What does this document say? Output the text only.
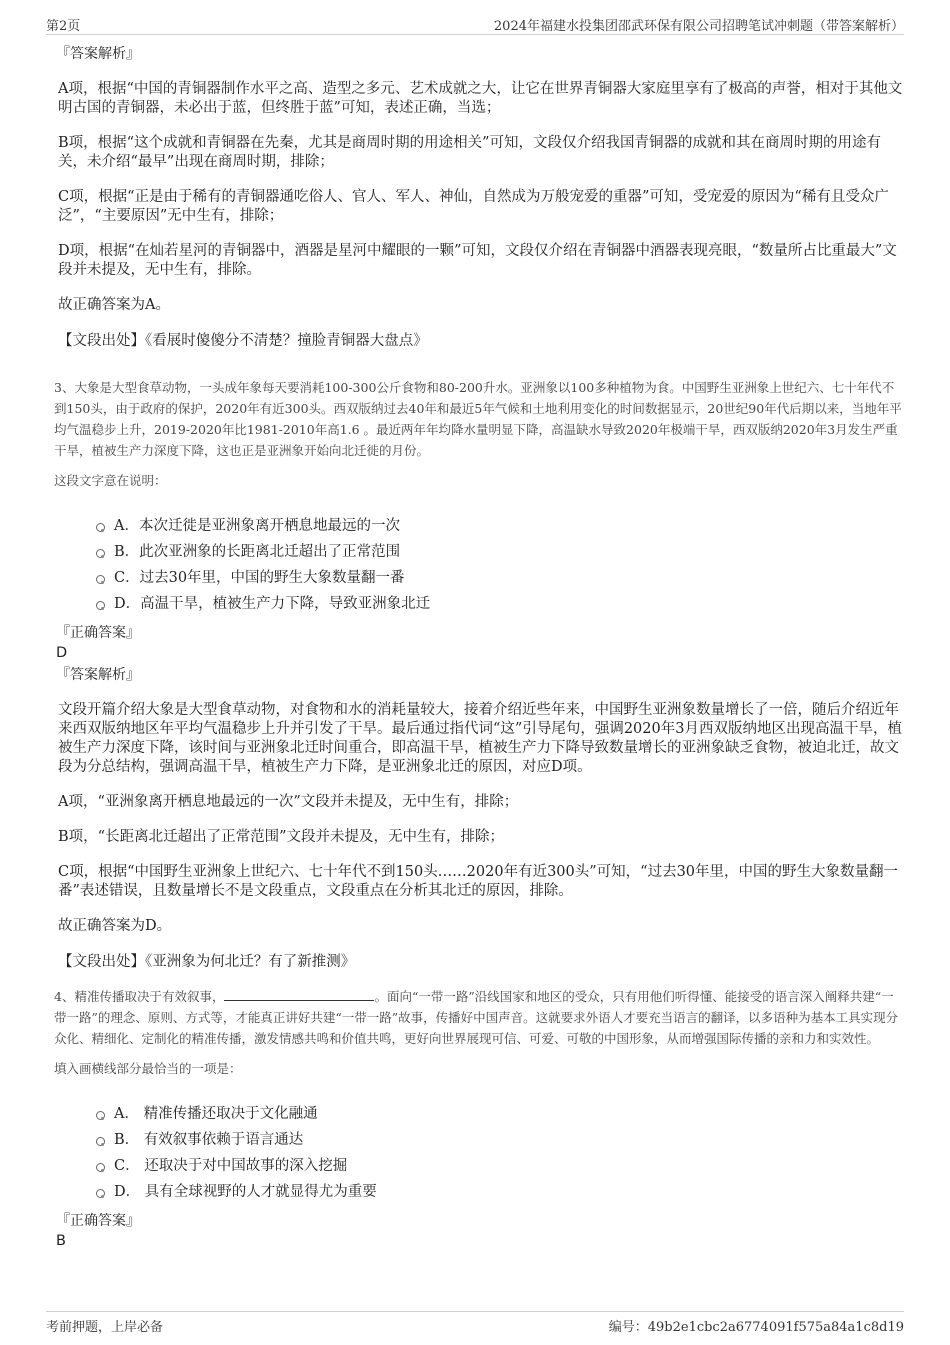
第2页	2024年福建水投集团邵武环保有限公司招聘笔试冲刺题（带答案解析）

『答案解析』

A项，根据“中国的青铜器制作水平之高、造型之多元、艺术成就之大，让它在世界青铜器大家庭里享有了极高的声誉，相对于其他文明古国的青铜器，未必出于蓝，但终胜于蓝”可知，表述正确，当选；

B项，根据“这个成就和青铜器在先秦，尤其是商周时期的用途相关”可知，文段仅介绍我国青铜器的成就和其在商周时期的用途有关，未介绍“最早”出现在商周时期，排除；

C项，根据“正是由于稀有的青铜器通吃俗人、官人、军人、神仙，自然成为万般宠爱的重器”可知，受宠爱的原因为“稀有且受众广泛”，“主要原因”无中生有，排除；

D项，根据“在灿若星河的青铜器中，酒器是星河中耀眼的一颗”可知，文段仅介绍在青铜器中酒器表现亮眼，“数量所占比重最大”文段并未提及，无中生有，排除。

故正确答案为A。

【文段出处】《看展时傻傻分不清楚？撞脸青铜器大盘点》

3、大象是大型食草动物，一头成年象每天要消耗100-300公斤食物和80-200升水。亚洲象以100多种植物为食。中国野生亚洲象上世纪六、七十年代不到150头，由于政府的保护，2020年有近300头。西双版纳过去40年和最近5年气候和土地利用变化的时间数据显示，20世纪90年代后期以来，当地年平均气温稳步上升，2019-2020年比1981-2010年高1.6 。最近两年年均降水量明显下降，高温缺水导致2020年极端干旱，西双版纳2020年3月发生严重干旱，植被生产力深度下降，这也正是亚洲象开始向北迁徙的月份。

这段文字意在说明：

A．本次迁徙是亚洲象离开栖息地最远的一次
B．此次亚洲象的长距离北迁超出了正常范围
C．过去30年里，中国的野生大象数量翻一番
D．高温干旱，植被生产力下降，导致亚洲象北迁

『正确答案』

D

『答案解析』

文段开篇介绍大象是大型食草动物，对食物和水的消耗量较大，接着介绍近些年来，中国野生亚洲象数量增长了一倍，随后介绍近年来西双版纳地区年平均气温稳步上升并引发了干旱。最后通过指代词“这”引导尾句，强调2020年3月西双版纳地区出现高温干旱，植被生产力深度下降，该时间与亚洲象北迁时间重合，即高温干旱，植被生产力下降导致数量增长的亚洲象缺乏食物，被迫北迁，故文段为分总结构，强调高温干旱，植被生产力下降，是亚洲象北迁的原因，对应D项。

A项，“亚洲象离开栖息地最远的一次”文段并未提及，无中生有，排除；

B项，“长距离北迁超出了正常范围”文段并未提及，无中生有，排除；

C项，根据“中国野生亚洲象上世纪六、七十年代不到150头……2020年有近300头”可知，“过去30年里，中国的野生大象数量翻一番”表述错误，且数量增长不是文段重点，文段重点在分析其北迁的原因，排除。

故正确答案为D。

【文段出处】《亚洲象为何北迁？有了新推测》

4、精准传播取决于有效叙事，	。面向“一带一路”沿线国家和地区的受众，只有用他们听得懂、能接受的语言深入阐释共建“一带一路”的理念、原则、方式等，才能真正讲好共建“一带一路”故事，传播好中国声音。这就要求外语人才要充当语言的翻译，以多语种为基本工具实现分众化、精细化、定制化的精准传播，激发情感共鸣和价值共鸣，更好向世界展现可信、可爱、可敬的中国形象，从而增强国际传播的亲和力和实效性。

填入画横线部分最恰当的一项是：

A． 精准传播还取决于文化融通
B． 有效叙事依赖于语言通达
C． 还取决于对中国故事的深入挖掘
D． 具有全球视野的人才就显得尤为重要

『正确答案』

B

考前押题，上岸必备	编号：49b2e1cbc2a6774091f575a84a1c8d19
